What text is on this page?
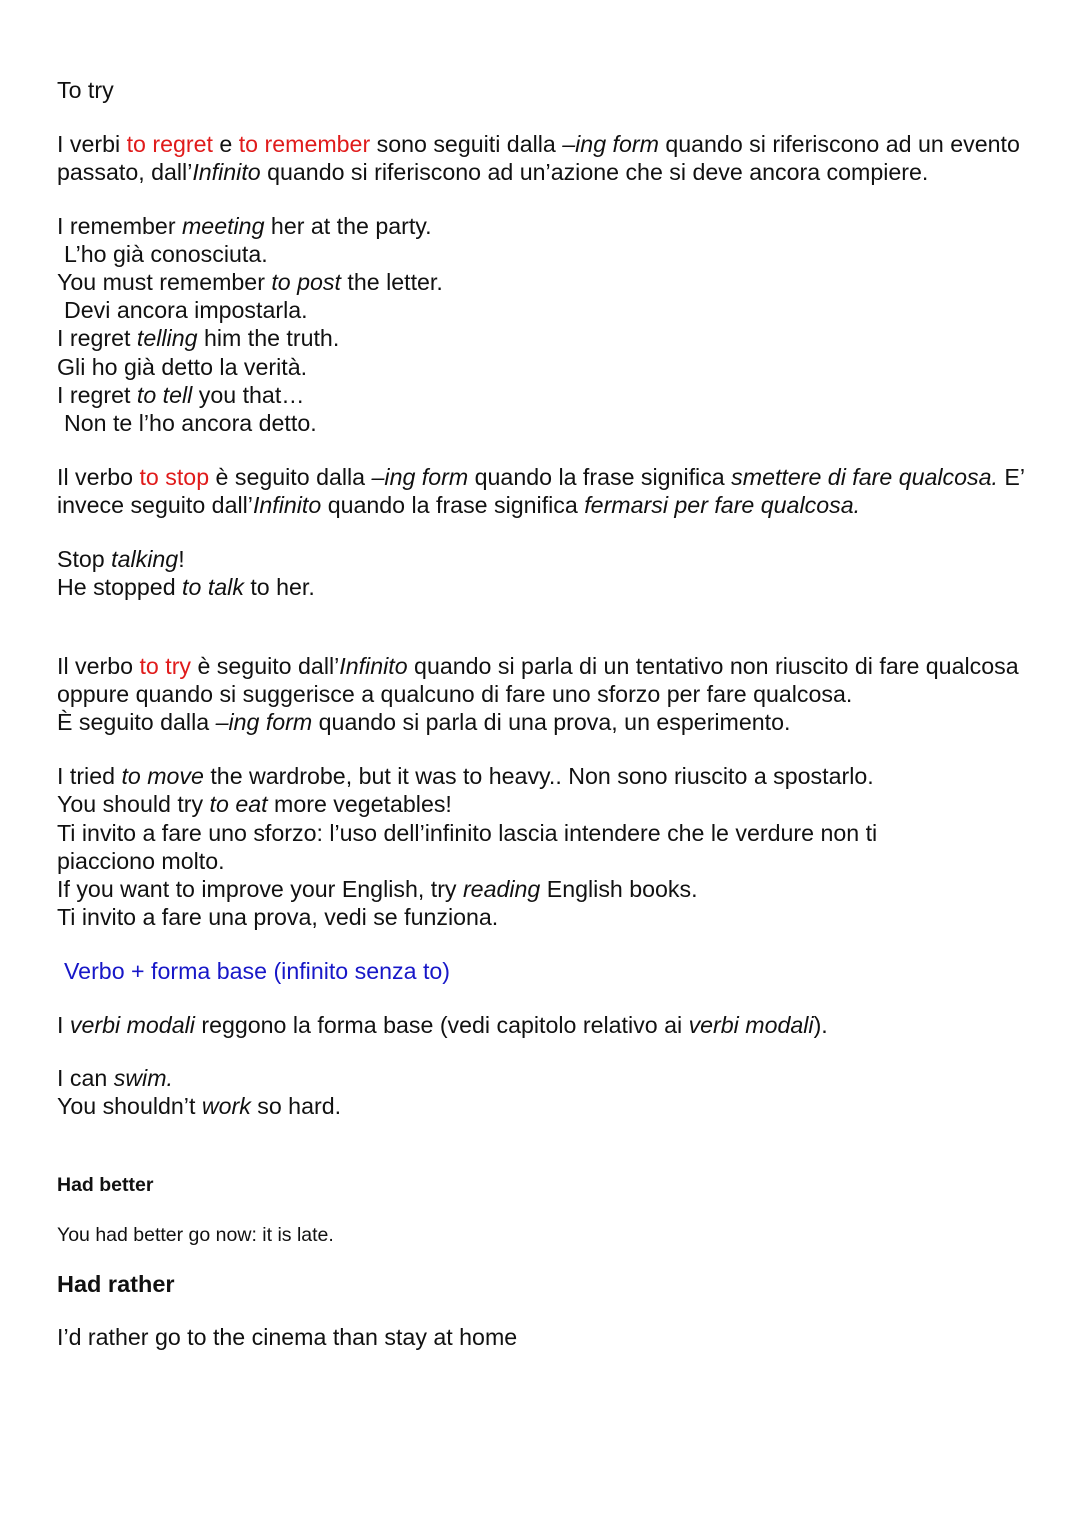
To try

I verbi to regret e to remember sono seguiti dalla –ing form quando si riferiscono ad un evento passato, dall’Infinito quando si riferiscono ad un’azione che si deve ancora compiere.

I remember meeting her at the party.

L’ho già conosciuta.

You must remember to post the letter.

Devi ancora impostarla.

I regret telling him the truth.

Gli ho già detto la verità.

I regret to tell you that…

Non te l’ho ancora detto.

Il verbo to stop è seguito dalla –ing form quando la frase significa smettere di fare qualcosa. E’ invece seguito dall’Infinito quando la frase significa fermarsi per fare qualcosa.

Stop talking!

He stopped to talk to her.

Il verbo to try è seguito dall’Infinito quando si parla di un tentativo non riuscito di fare qualcosa oppure quando si suggerisce a qualcuno di fare uno sforzo per fare qualcosa.
È seguito dalla –ing form quando si parla di una prova, un esperimento.

I tried to move the wardrobe, but it was to heavy.. Non sono riuscito a spostarlo.

You should try to eat more vegetables!

Ti invito a fare uno sforzo: l’uso dell’infinito lascia intendere che le verdure non ti piacciono molto.

If you want to improve your English, try reading English books.

Ti invito a fare una prova, vedi se funziona.

Verbo + forma base (infinito senza to)

I verbi modali reggono la forma base (vedi capitolo relativo ai verbi modali).

I can swim.

You shouldn’t work so hard.

Had better

You had better go now: it is late.

Had rather

I’d rather go to the cinema than stay at home
